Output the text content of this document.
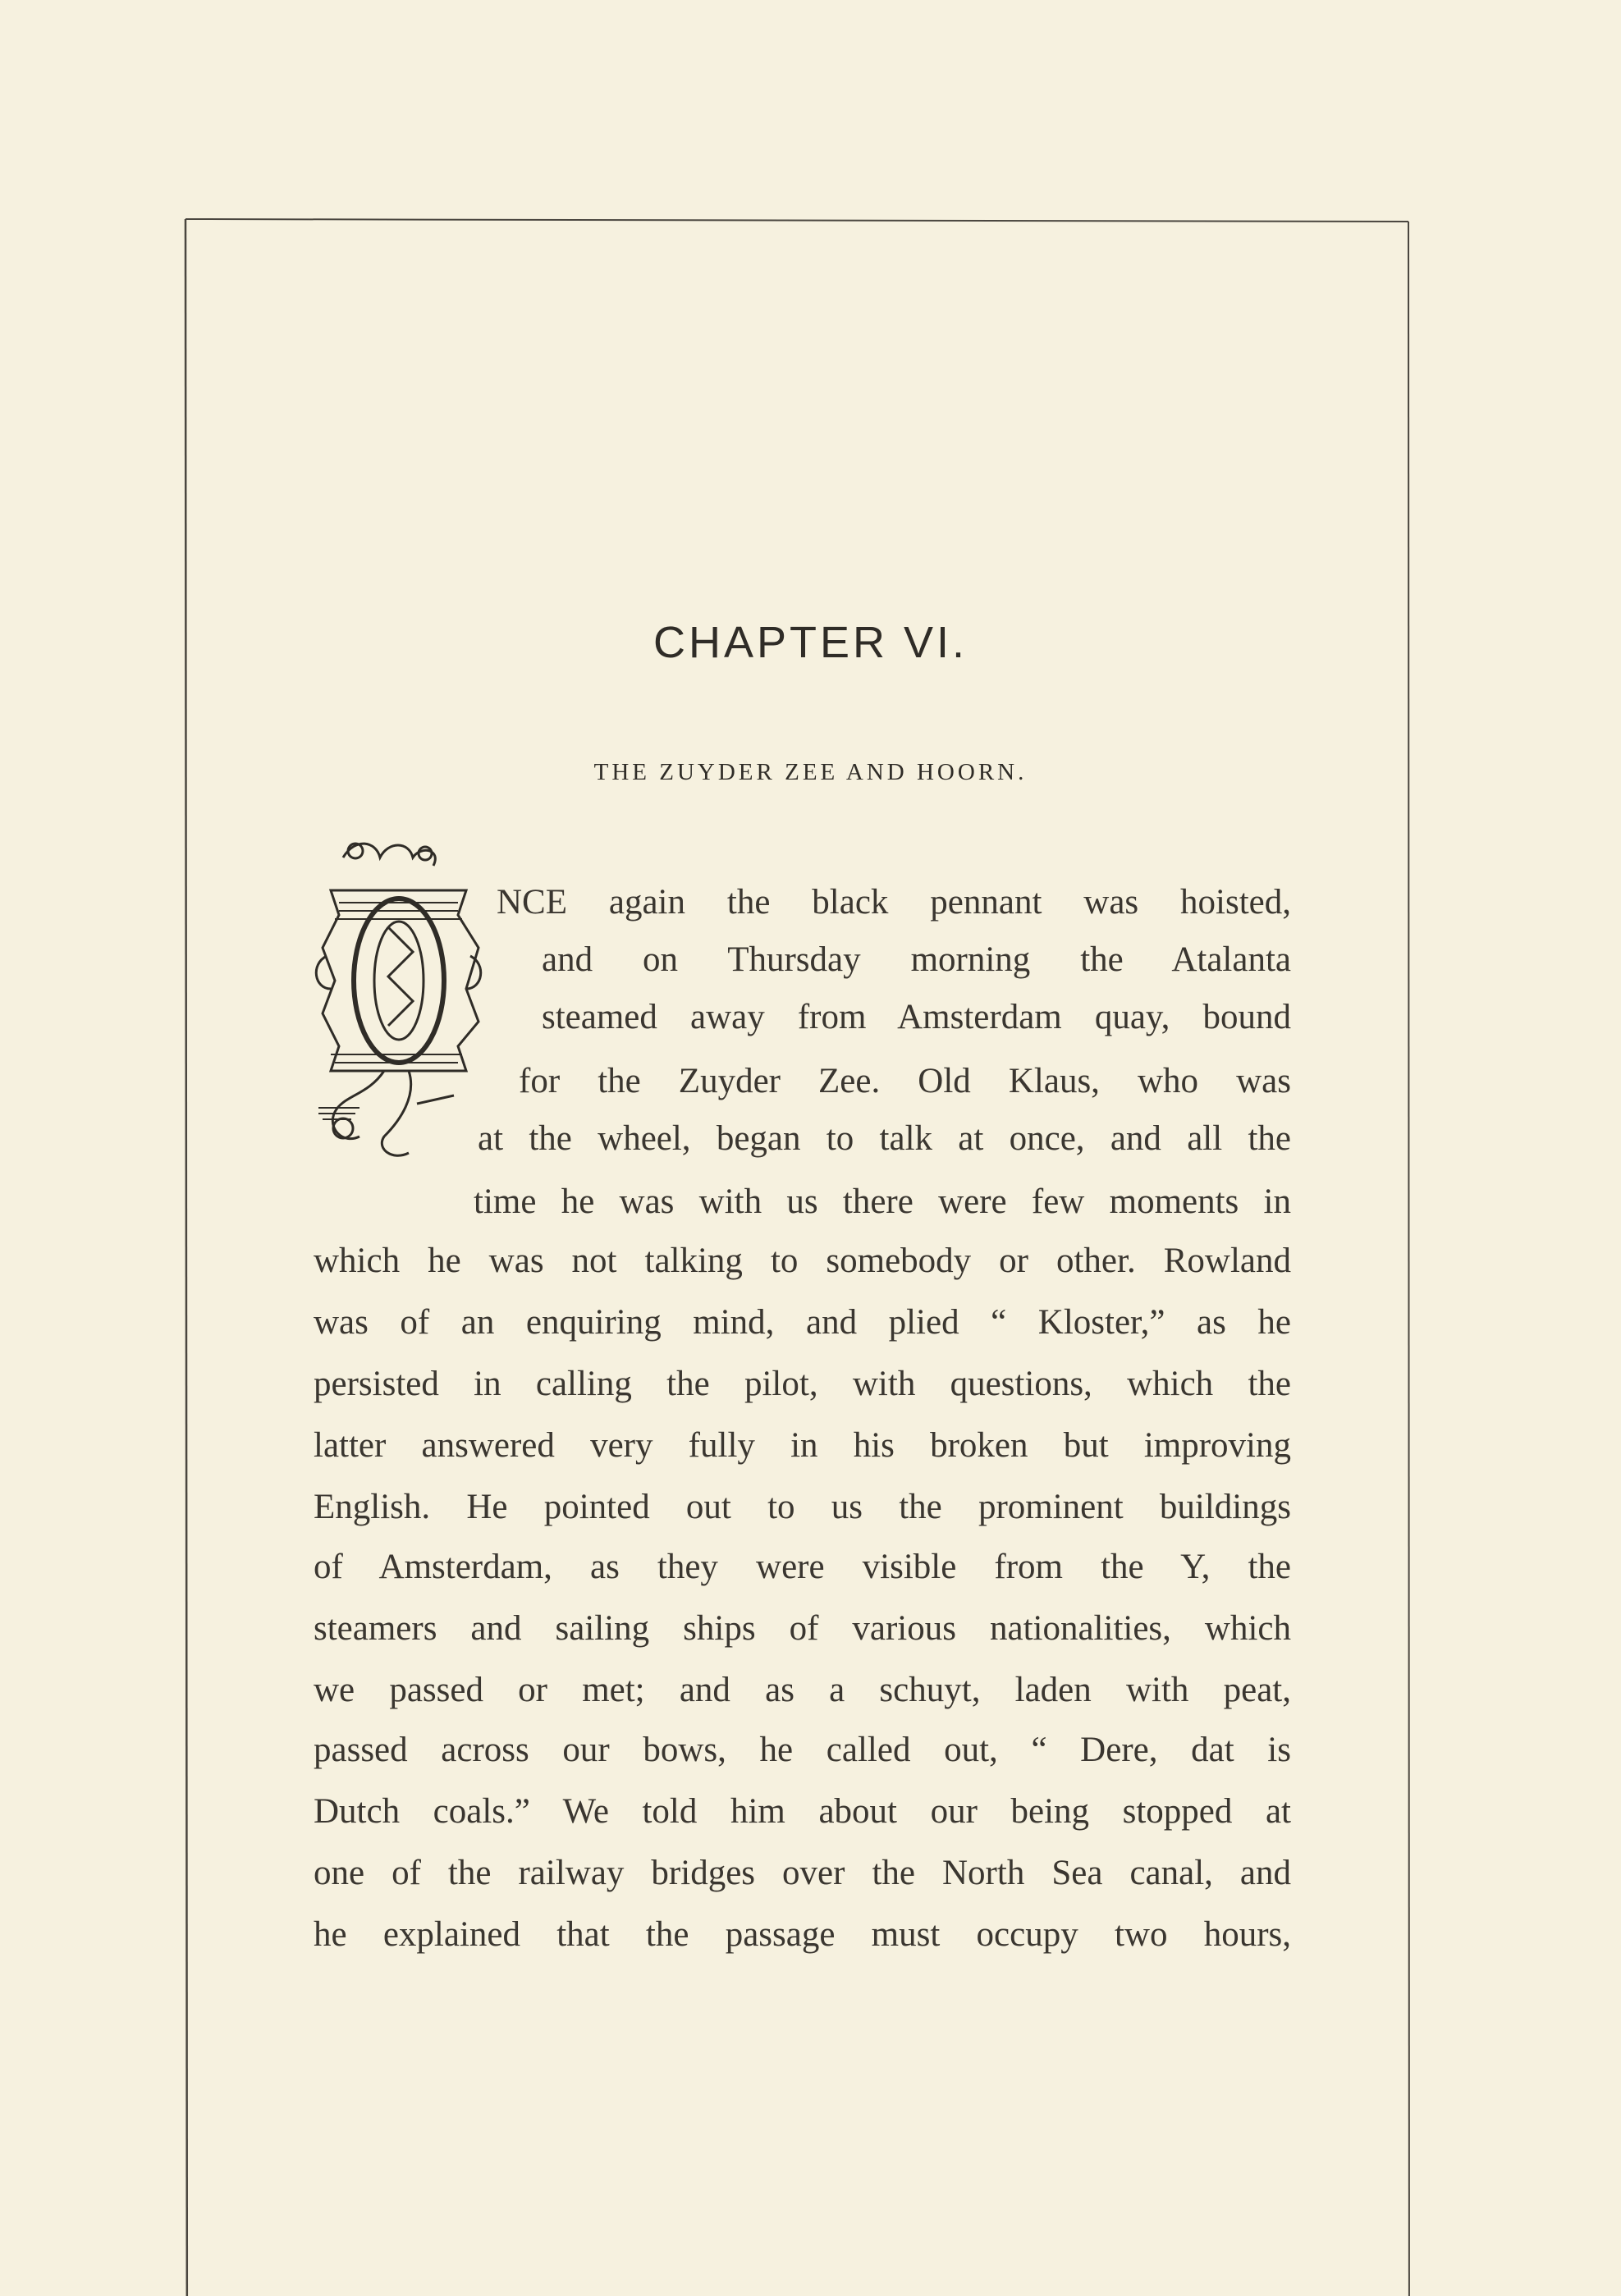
CHAPTER VI.
THE ZUYDER ZEE AND HOORN.
NCE again the black pennant was hoisted,
and on Thursday morning the Atalanta
steamed away from Amsterdam quay, bound
for the Zuyder Zee. Old Klaus, who was
at the wheel, began to talk at once, and all the
time he was with us there were few moments in
which he was not talking to somebody or other. Rowland
was of an enquiring mind, and plied “ Kloster,” as he
persisted in calling the pilot, with questions, which the
latter answered very fully in his broken but improving
English. He pointed out to us the prominent buildings
of Amsterdam, as they were visible from the Y, the
steamers and sailing ships of various nationalities, which
we passed or met; and as a schuyt, laden with peat,
passed across our bows, he called out, “ Dere, dat is
Dutch coals.” We told him about our being stopped at
one of the railway bridges over the North Sea canal, and
he explained that the passage must occupy two hours,
